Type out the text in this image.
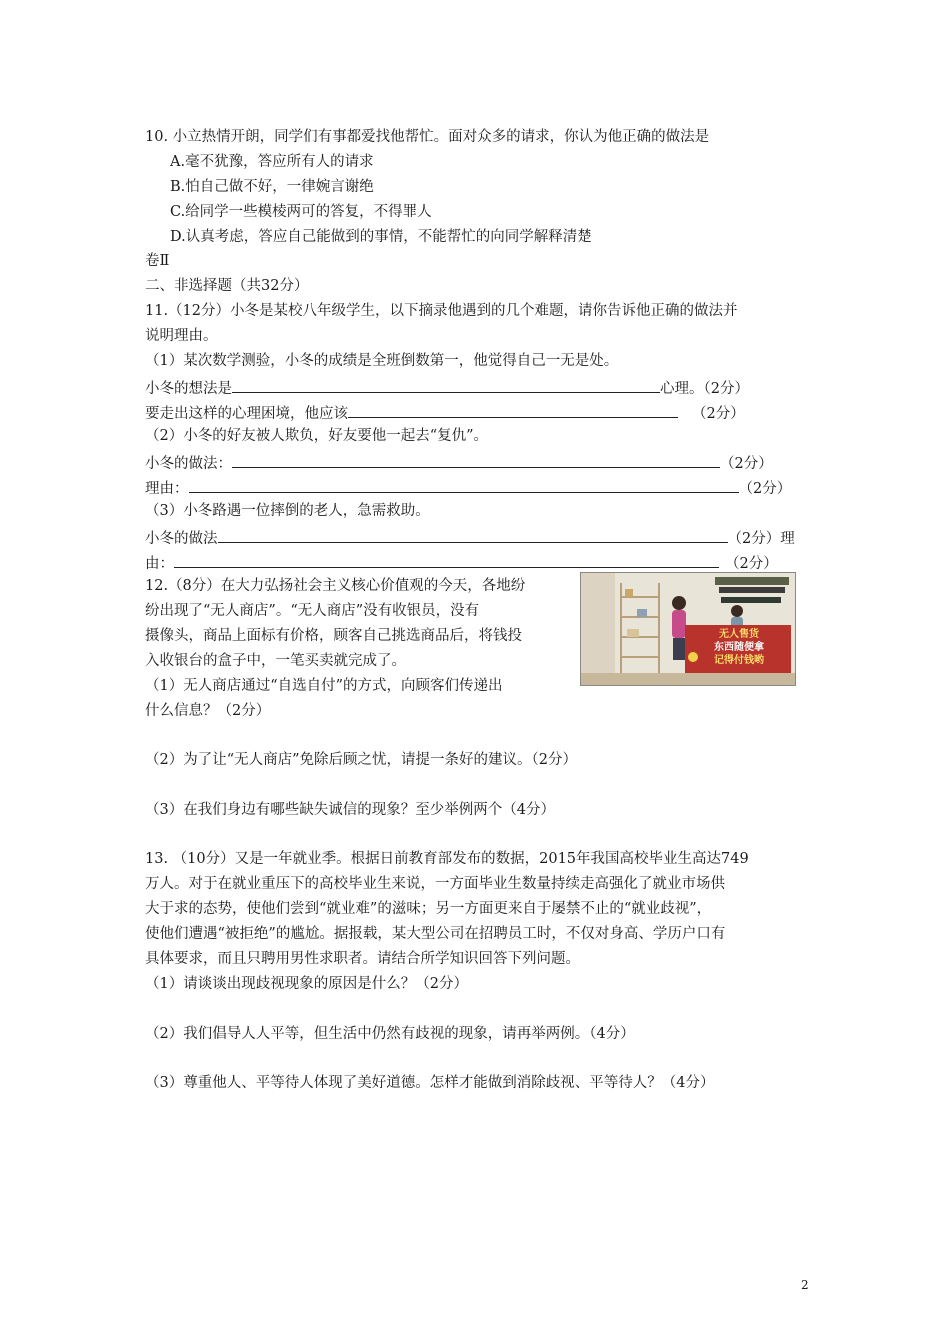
10. 小立热情开朗，同学们有事都爱找他帮忙。面对众多的请求，你认为他正确的做法是
A.毫不犹豫，答应所有人的请求
B.怕自己做不好，一律婉言谢绝
C.给同学一些模棱两可的答复，不得罪人
D.认真考虑，答应自己能做到的事情，不能帮忙的向同学解释清楚
卷Ⅱ
二、非选择题（共32分）
11.（12分）小冬是某校八年级学生，以下摘录他遇到的几个难题，请你告诉他正确的做法并
说明理由。
（1）某次数学测验，小冬的成绩是全班倒数第一，他觉得自己一无是处。
小冬的想法是	心理。（2分）
要走出这样的心理困境，他应该	（2分）
（2）小冬的好友被人欺负，好友要他一起去“复仇”。
小冬的做法：	（2分）
理由：	（2分）
（3）小冬路遇一位摔倒的老人，急需救助。
小冬的做法	（2分）理
由：	（2分）
12.（8分）在大力弘扬社会主义核心价值观的今天，各地纷
纷出现了“无人商店”。“无人商店”没有收银员，没有
摄像头，商品上面标有价格，顾客自己挑选商品后，将钱投
入收银台的盒子中，一笔买卖就完成了。
（1）无人商店通过“自选自付”的方式，向顾客们传递出
什么信息？（2分）
无人售货
东西随便拿
记得付钱哟
（2）为了让“无人商店”免除后顾之忧，请提一条好的建议。（2分）
（3）在我们身边有哪些缺失诚信的现象？至少举例两个（4分）
13. （10分）又是一年就业季。根据日前教育部发布的数据，2015年我国高校毕业生高达749
万人。对于在就业重压下的高校毕业生来说，一方面毕业生数量持续走高强化了就业市场供
大于求的态势，使他们尝到“就业难”的滋味；另一方面更来自于屡禁不止的“就业歧视”，
使他们遭遇“被拒绝”的尴尬。据报载，某大型公司在招聘员工时，不仅对身高、学历户口有
具体要求，而且只聘用男性求职者。请结合所学知识回答下列问题。
（1）请谈谈出现歧视现象的原因是什么？（2分）
（2）我们倡导人人平等，但生活中仍然有歧视的现象，请再举两例。（4分）
（3）尊重他人、平等待人体现了美好道德。怎样才能做到消除歧视、平等待人？（4分）
2
